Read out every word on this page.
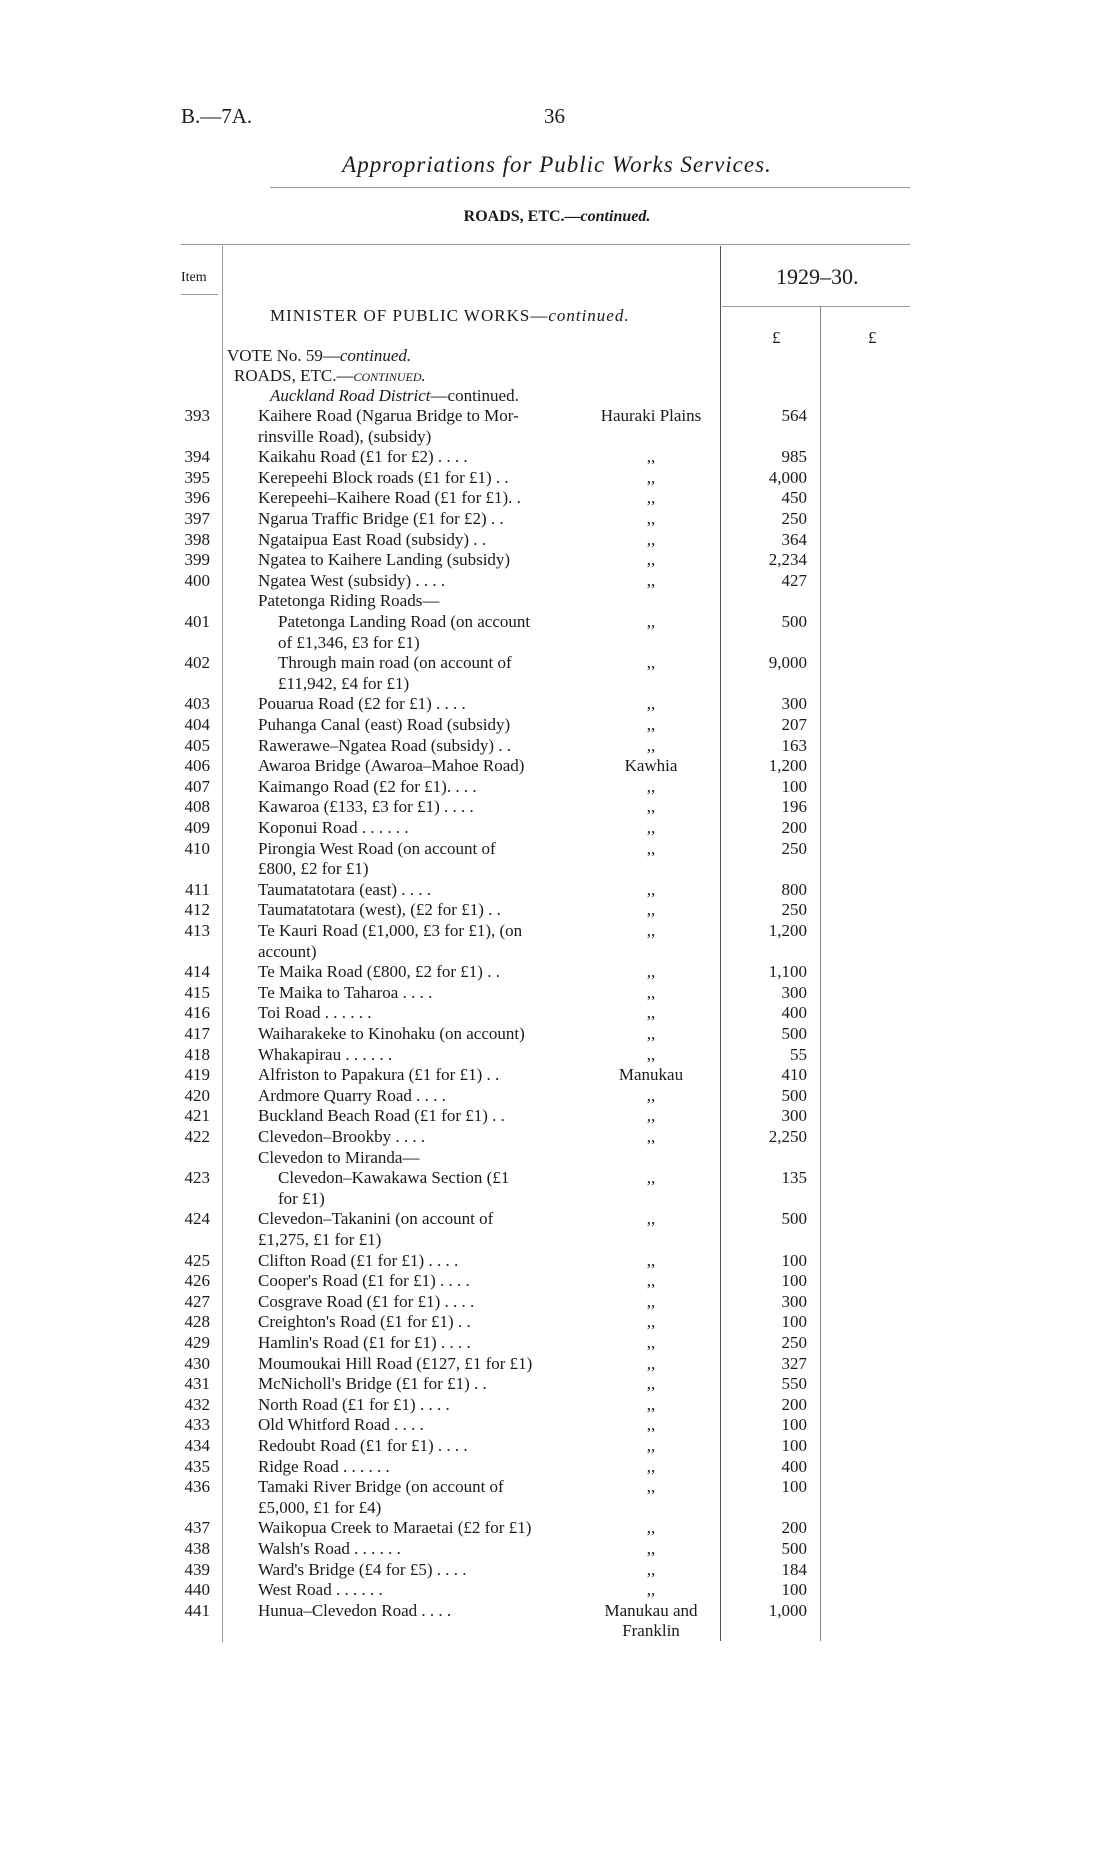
B.—7A.	36
Appropriations for Public Works Services.
ROADS, ETC.—continued.
Item	1929–30.
£	£
MINISTER OF PUBLIC WORKS—continued.
VOTE No. 59—continued.
ROADS, ETC.—continued.
Auckland Road District—continued.
393	Kaihere Road (Ngarua Bridge to Mor-	Hauraki Plains	564
rinsville Road), (subsidy)
394	Kaikahu Road (£1 for £2) . . . .	,,	985
395	Kerepeehi Block roads (£1 for £1) . .	,,	4,000
396	Kerepeehi–Kaihere Road (£1 for £1). .	,,	450
397	Ngarua Traffic Bridge (£1 for £2) . .	,,	250
398	Ngataipua East Road (subsidy) . .	,,	364
399	Ngatea to Kaihere Landing (subsidy)	,,	2,234
400	Ngatea West (subsidy) . . . .	,,	427
Patetonga Riding Roads—
401	Patetonga Landing Road (on account	,,	500
of £1,346, £3 for £1)
402	Through main road (on account of	,,	9,000
£11,942, £4 for £1)
403	Pouarua Road (£2 for £1) . . . .	,,	300
404	Puhanga Canal (east) Road (subsidy)	,,	207
405	Rawerawe–Ngatea Road (subsidy) . .	,,	163
406	Awaroa Bridge (Awaroa–Mahoe Road)	Kawhia	1,200
407	Kaimango Road (£2 for £1). . . .	,,	100
408	Kawaroa (£133, £3 for £1) . . . .	,,	196
409	Koponui Road . . . . . .	,,	200
410	Pirongia West Road (on account of	,,	250
£800, £2 for £1)
411	Taumatatotara (east) . . . .	,,	800
412	Taumatatotara (west), (£2 for £1) . .	,,	250
413	Te Kauri Road (£1,000, £3 for £1), (on	,,	1,200
account)
414	Te Maika Road (£800, £2 for £1) . .	,,	1,100
415	Te Maika to Taharoa . . . .	,,	300
416	Toi Road . . . . . .	,,	400
417	Waiharakeke to Kinohaku (on account)	,,	500
418	Whakapirau . . . . . .	,,	55
419	Alfriston to Papakura (£1 for £1) . .	Manukau	410
420	Ardmore Quarry Road . . . .	,,	500
421	Buckland Beach Road (£1 for £1) . .	,,	300
422	Clevedon–Brookby . . . .	,,	2,250
Clevedon to Miranda—
423	Clevedon–Kawakawa Section (£1	,,	135
for £1)
424	Clevedon–Takanini (on account of	,,	500
£1,275, £1 for £1)
425	Clifton Road (£1 for £1) . . . .	,,	100
426	Cooper's Road (£1 for £1) . . . .	,,	100
427	Cosgrave Road (£1 for £1) . . . .	,,	300
428	Creighton's Road (£1 for £1) . .	,,	100
429	Hamlin's Road (£1 for £1) . . . .	,,	250
430	Moumoukai Hill Road (£127, £1 for £1)	,,	327
431	McNicholl's Bridge (£1 for £1) . .	,,	550
432	North Road (£1 for £1) . . . .	,,	200
433	Old Whitford Road . . . .	,,	100
434	Redoubt Road (£1 for £1) . . . .	,,	100
435	Ridge Road . . . . . .	,,	400
436	Tamaki River Bridge (on account of	,,	100
£5,000, £1 for £4)
437	Waikopua Creek to Maraetai (£2 for £1)	,,	200
438	Walsh's Road . . . . . .	,,	500
439	Ward's Bridge (£4 for £5) . . . .	,,	184
440	West Road . . . . . .	,,	100
441	Hunua–Clevedon Road . . . .	Manukau and	1,000
Franklin
